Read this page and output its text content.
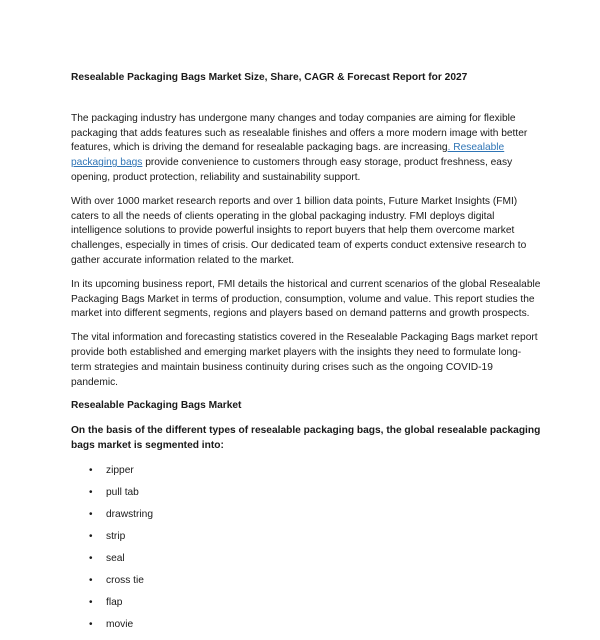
Resealable Packaging Bags Market Size, Share, CAGR & Forecast Report for 2027

The packaging industry has undergone many changes and today companies are aiming for flexible packaging that adds features such as resealable finishes and offers a more modern image with better features, which is driving the demand for resealable packaging bags. are increasing. Resealable packaging bags provide convenience to customers through easy storage, product freshness, easy opening, product protection, reliability and sustainability support.

With over 1000 market research reports and over 1 billion data points, Future Market Insights (FMI) caters to all the needs of clients operating in the global packaging industry. FMI deploys digital intelligence solutions to provide powerful insights to report buyers that help them overcome market challenges, especially in times of crisis. Our dedicated team of experts conduct extensive research to gather accurate information related to the market.

In its upcoming business report, FMI details the historical and current scenarios of the global Resealable Packaging Bags Market in terms of production, consumption, volume and value. This report studies the market into different segments, regions and players based on demand patterns and growth prospects.

The vital information and forecasting statistics covered in the Resealable Packaging Bags market report provide both established and emerging market players with the insights they need to formulate long-term strategies and maintain business continuity during crises such as the ongoing COVID-19 pandemic.

Resealable Packaging Bags Market
On the basis of the different types of resealable packaging bags, the global resealable packaging bags market is segmented into:
• zipper
• pull tab
• drawstring
• strip
• seal
• cross tie
• flap
• movie
